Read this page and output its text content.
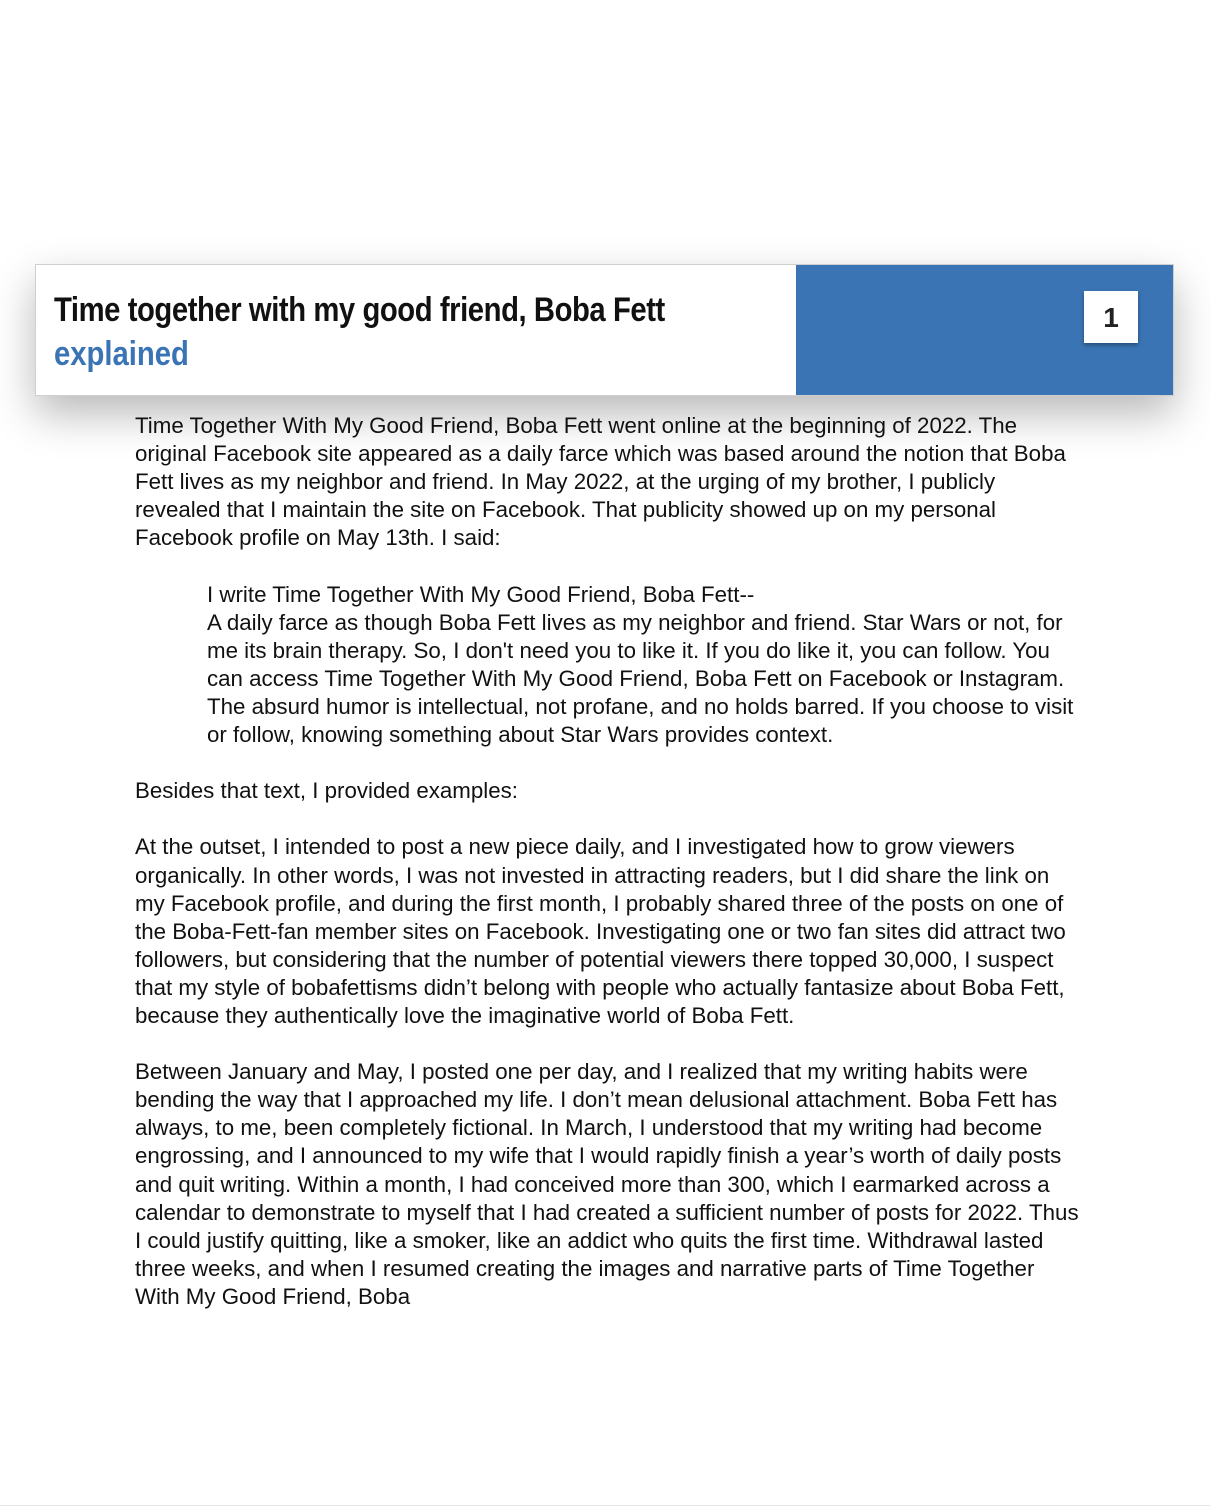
Time together with my good friend, Boba Fett
explained
1

Time Together With My Good Friend, Boba Fett went online at the beginning of 2022. The original Facebook site appeared as a daily farce which was based around the notion that Boba Fett lives as my neighbor and friend. In May 2022, at the urging of my brother, I publicly revealed that I maintain the site on Facebook. That publicity showed up on my personal Facebook profile on May 13th. I said:

I write Time Together With My Good Friend, Boba Fett--
A daily farce as though Boba Fett lives as my neighbor and friend. Star Wars or not, for me its brain therapy. So, I don't need you to like it. If you do like it, you can follow. You can access Time Together With My Good Friend, Boba Fett on Facebook or Instagram. The absurd humor is intellectual, not profane, and no holds barred. If you choose to visit or follow, knowing something about Star Wars provides context.

Besides that text, I provided examples:

At the outset, I intended to post a new piece daily, and I investigated how to grow viewers organically. In other words, I was not invested in attracting readers, but I did share the link on my Facebook profile, and during the first month, I probably shared three of the posts on one of the Boba-Fett-fan member sites on Facebook. Investigating one or two fan sites did attract two followers, but considering that the number of potential viewers there topped 30,000, I suspect that my style of bobafettisms didn’t belong with people who actually fantasize about Boba Fett, because they authentically love the imaginative world of Boba Fett.

Between January and May, I posted one per day, and I realized that my writing habits were bending the way that I approached my life. I don’t mean delusional attachment. Boba Fett has always, to me, been completely fictional. In March, I understood that my writing had become engrossing, and I announced to my wife that I would rapidly finish a year’s worth of daily posts and quit writing. Within a month, I had conceived more than 300, which I earmarked across a calendar to demonstrate to myself that I had created a sufficient number of posts for 2022. Thus I could justify quitting, like a smoker, like an addict who quits the first time. Withdrawal lasted three weeks, and when I resumed creating the images and narrative parts of Time Together With My Good Friend, Boba
